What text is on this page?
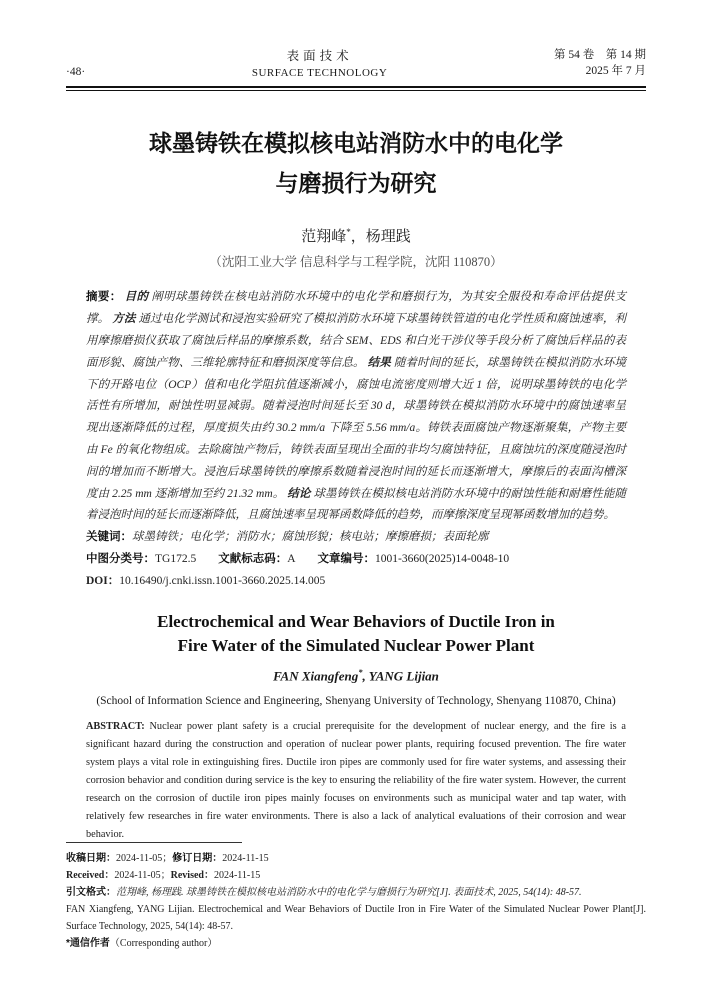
·48·
表面技术
SURFACE TECHNOLOGY
第 54 卷　第 14 期
2025 年 7 月
球墨铸铁在模拟核电站消防水中的电化学
与磨损行为研究
范翔峰*，杨理践
（沈阳工业大学 信息科学与工程学院，沈阳 110870）
摘要： 目的 阐明球墨铸铁在核电站消防水环境中的电化学和磨损行为，为其安全服役和寿命评估提供支撑。 方法 通过电化学测试和浸泡实验研究了模拟消防水环境下球墨铸铁管道的电化学性质和腐蚀速率，利用摩擦磨损仪获取了腐蚀后样品的摩擦系数，结合 SEM、EDS 和白光干涉仪等手段分析了腐蚀后样品的表面形貌、腐蚀产物、三维轮廓特征和磨损深度等信息。 结果 随着时间的延长，球墨铸铁在模拟消防水环境下的开路电位（OCP）值和电化学阻抗值逐渐减小，腐蚀电流密度则增大近 1 倍，说明球墨铸铁的电化学活性有所增加，耐蚀性明显减弱。随着浸泡时间延长至 30 d，球墨铸铁在模拟消防水环境中的腐蚀速率呈现出逐渐降低的过程，厚度损失由约 30.2 mm/a 下降至 5.56 mm/a。铸铁表面腐蚀产物逐渐聚集，产物主要由 Fe 的氧化物组成。去除腐蚀产物后，铸铁表面呈现出全面的非均匀腐蚀特征，且腐蚀坑的深度随浸泡时间的增加而不断增大。浸泡后球墨铸铁的摩擦系数随着浸泡时间的延长而逐渐增大，摩擦后的表面沟槽深度由 2.25 mm 逐渐增加至约 21.32 mm。 结论 球墨铸铁在模拟核电站消防水环境中的耐蚀性能和耐磨性能随着浸泡时间的延长而逐渐降低，且腐蚀速率呈现幂函数降低的趋势，而摩擦深度呈现幂函数增加的趋势。
关键词：球墨铸铁；电化学；消防水；腐蚀形貌；核电站；摩擦磨损；表面轮廓
中图分类号：TG172.5 文献标志码：A 文章编号：1001-3660(2025)14-0048-10
DOI：10.16490/j.cnki.issn.1001-3660.2025.14.005
Electrochemical and Wear Behaviors of Ductile Iron in
Fire Water of the Simulated Nuclear Power Plant
FAN Xiangfeng*, YANG Lijian
(School of Information Science and Engineering, Shenyang University of Technology, Shenyang 110870, China)
ABSTRACT: Nuclear power plant safety is a crucial prerequisite for the development of nuclear energy, and the fire is a significant hazard during the construction and operation of nuclear power plants, requiring focused prevention. The fire water system plays a vital role in extinguishing fires. Ductile iron pipes are commonly used for fire water systems, and assessing their corrosion behavior and condition during service is the key to ensuring the reliability of the fire water system. However, the current research on the corrosion of ductile iron pipes mainly focuses on environments such as municipal water and tap water, with relatively few researches in fire water environments. There is also a lack of analytical evaluations of their corrosion and wear behavior.
收稿日期：2024-11-05；修订日期：2024-11-15
Received：2024-11-05；Revised：2024-11-15
引文格式：范翔峰, 杨理践. 球墨铸铁在模拟核电站消防水中的电化学与磨损行为研究[J]. 表面技术, 2025, 54(14): 48-57.
FAN Xiangfeng, YANG Lijian. Electrochemical and Wear Behaviors of Ductile Iron in Fire Water of the Simulated Nuclear Power Plant[J]. Surface Technology, 2025, 54(14): 48-57.
*通信作者（Corresponding author）
